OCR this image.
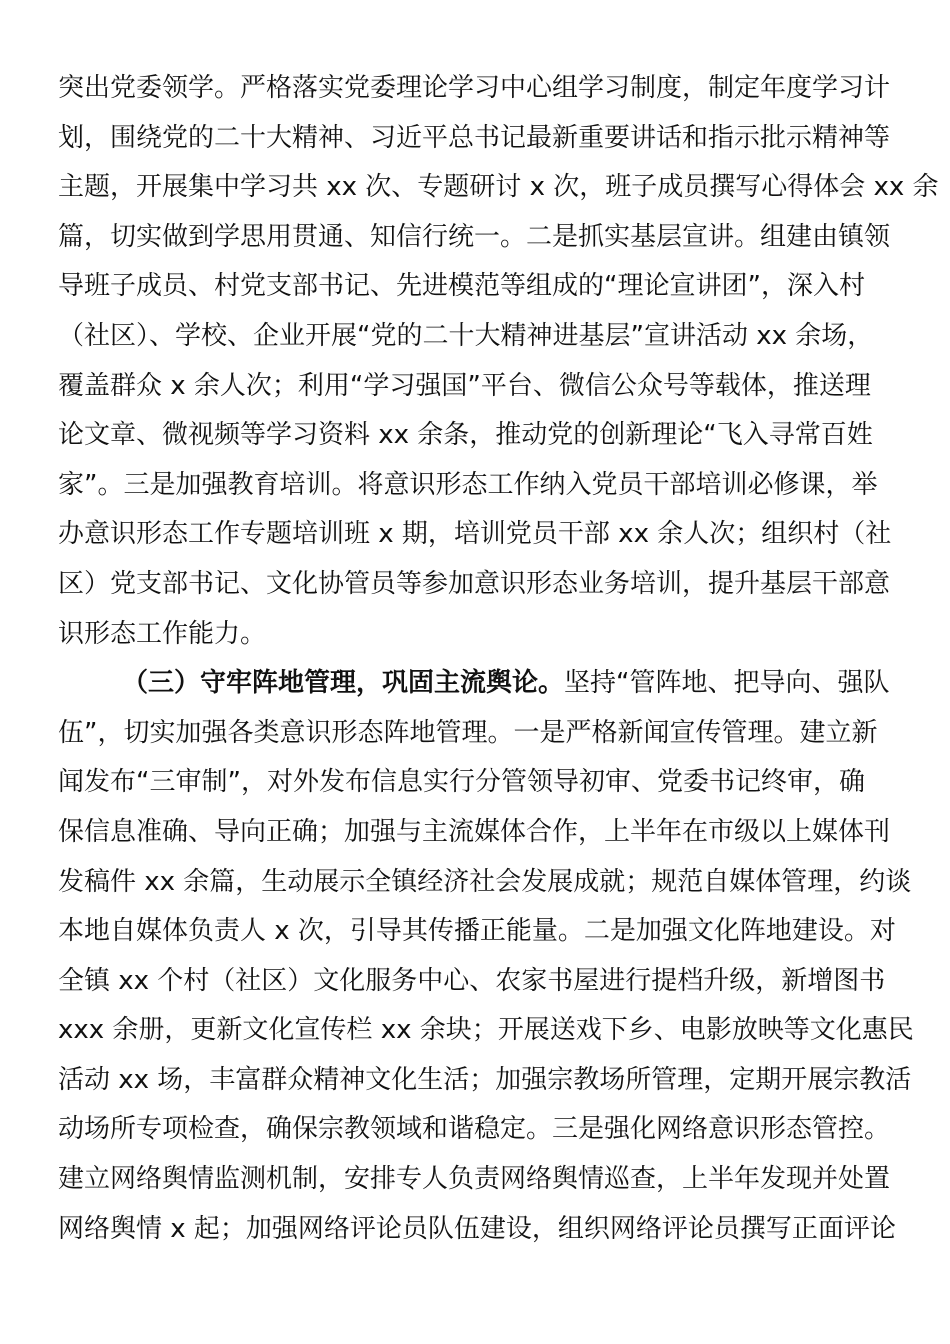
突出党委领学。严格落实党委理论学习中心组学习制度，制定年度学习计
划，围绕党的二十大精神、习近平总书记最新重要讲话和指示批示精神等
主题，开展集中学习共 xx 次、专题研讨 x 次，班子成员撰写心得体会 xx 余
篇，切实做到学思用贯通、知信行统一。二是抓实基层宣讲。组建由镇领
导班子成员、村党支部书记、先进模范等组成的“理论宣讲团”，深入村
（社区）、学校、企业开展“党的二十大精神进基层”宣讲活动 xx 余场，
覆盖群众 x 余人次；利用“学习强国”平台、微信公众号等载体，推送理
论文章、微视频等学习资料 xx 余条，推动党的创新理论“飞入寻常百姓
家”。三是加强教育培训。将意识形态工作纳入党员干部培训必修课，举
办意识形态工作专题培训班 x 期，培训党员干部 xx 余人次；组织村（社
区）党支部书记、文化协管员等参加意识形态业务培训，提升基层干部意
识形态工作能力。
（三）守牢阵地管理，巩固主流舆论。坚持“管阵地、把导向、强队
伍”，切实加强各类意识形态阵地管理。一是严格新闻宣传管理。建立新
闻发布“三审制”，对外发布信息实行分管领导初审、党委书记终审，确
保信息准确、导向正确；加强与主流媒体合作，上半年在市级以上媒体刊
发稿件 xx 余篇，生动展示全镇经济社会发展成就；规范自媒体管理，约谈
本地自媒体负责人 x 次，引导其传播正能量。二是加强文化阵地建设。对
全镇 xx 个村（社区）文化服务中心、农家书屋进行提档升级，新增图书
xxx 余册，更新文化宣传栏 xx 余块；开展送戏下乡、电影放映等文化惠民
活动 xx 场，丰富群众精神文化生活；加强宗教场所管理，定期开展宗教活
动场所专项检查，确保宗教领域和谐稳定。三是强化网络意识形态管控。
建立网络舆情监测机制，安排专人负责网络舆情巡查，上半年发现并处置
网络舆情 x 起；加强网络评论员队伍建设，组织网络评论员撰写正面评论
